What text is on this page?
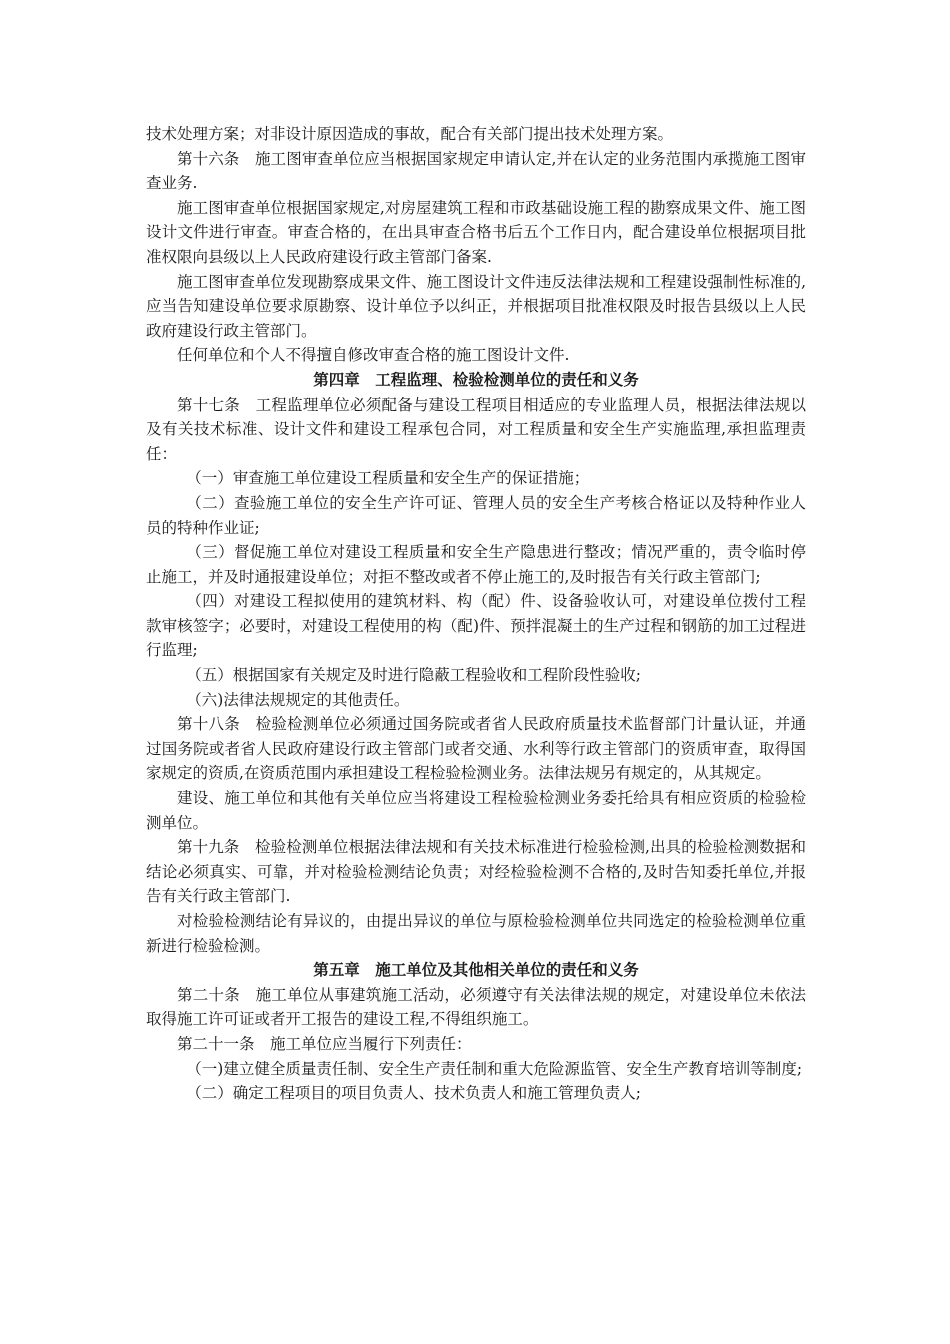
技术处理方案；对非设计原因造成的事故，配合有关部门提出技术处理方案。

第十六条　施工图审查单位应当根据国家规定申请认定,并在认定的业务范围内承揽施工图审查业务.

施工图审查单位根据国家规定,对房屋建筑工程和市政基础设施工程的勘察成果文件、施工图设计文件进行审查。审查合格的，在出具审查合格书后五个工作日内，配合建设单位根据项目批准权限向县级以上人民政府建设行政主管部门备案.

施工图审查单位发现勘察成果文件、施工图设计文件违反法律法规和工程建设强制性标准的,应当告知建设单位要求原勘察、设计单位予以纠正，并根据项目批准权限及时报告县级以上人民政府建设行政主管部门。

任何单位和个人不得擅自修改审查合格的施工图设计文件.

第四章　工程监理、检验检测单位的责任和义务

第十七条　工程监理单位必须配备与建设工程项目相适应的专业监理人员，根据法律法规以及有关技术标准、设计文件和建设工程承包合同，对工程质量和安全生产实施监理,承担监理责任：

（一）审查施工单位建设工程质量和安全生产的保证措施；

（二）查验施工单位的安全生产许可证、管理人员的安全生产考核合格证以及特种作业人员的特种作业证;

（三）督促施工单位对建设工程质量和安全生产隐患进行整改；情况严重的，责令临时停止施工，并及时通报建设单位；对拒不整改或者不停止施工的,及时报告有关行政主管部门;

（四）对建设工程拟使用的建筑材料、构（配）件、设备验收认可，对建设单位拨付工程款审核签字；必要时，对建设工程使用的构（配)件、预拌混凝土的生产过程和钢筋的加工过程进行监理;

（五）根据国家有关规定及时进行隐蔽工程验收和工程阶段性验收;

（六)法律法规规定的其他责任。

第十八条　检验检测单位必须通过国务院或者省人民政府质量技术监督部门计量认证，并通过国务院或者省人民政府建设行政主管部门或者交通、水利等行政主管部门的资质审查，取得国家规定的资质,在资质范围内承担建设工程检验检测业务。法律法规另有规定的，从其规定。

建设、施工单位和其他有关单位应当将建设工程检验检测业务委托给具有相应资质的检验检测单位。

第十九条　检验检测单位根据法律法规和有关技术标准进行检验检测,出具的检验检测数据和结论必须真实、可靠，并对检验检测结论负责；对经检验检测不合格的,及时告知委托单位,并报告有关行政主管部门.

对检验检测结论有异议的，由提出异议的单位与原检验检测单位共同选定的检验检测单位重新进行检验检测。

第五章　施工单位及其他相关单位的责任和义务

第二十条　施工单位从事建筑施工活动，必须遵守有关法律法规的规定，对建设单位未依法取得施工许可证或者开工报告的建设工程,不得组织施工。

第二十一条　施工单位应当履行下列责任：

（一)建立健全质量责任制、安全生产责任制和重大危险源监管、安全生产教育培训等制度;

（二）确定工程项目的项目负责人、技术负责人和施工管理负责人;
